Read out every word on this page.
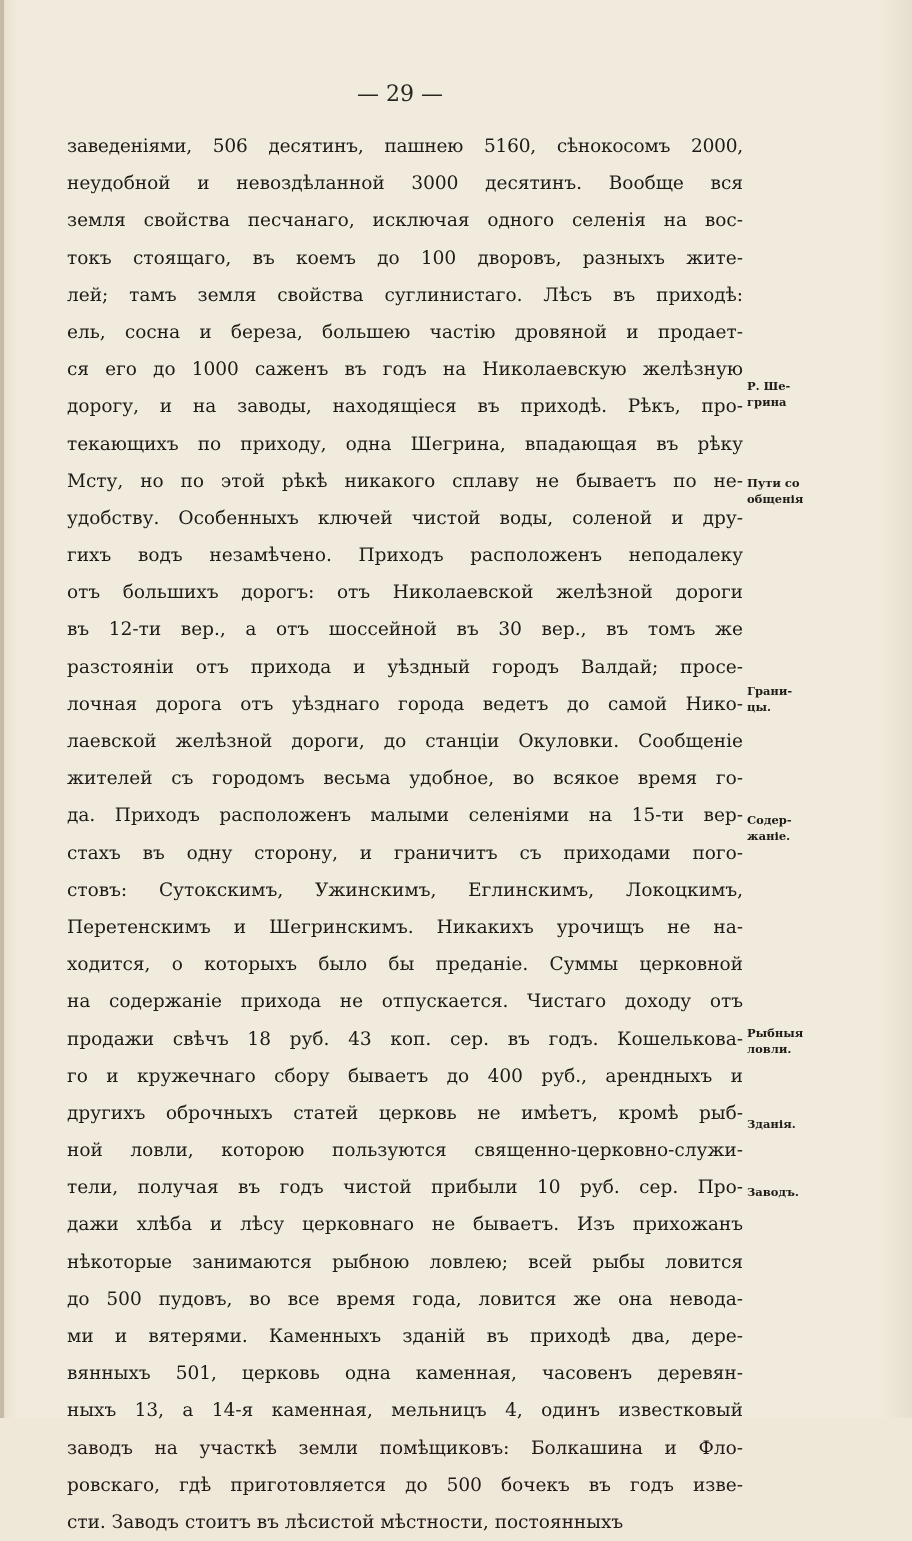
— 29 —
заведеніями, 506 десятинъ, пашнею 5160, сѣнокосомъ 2000,
неудобной и невоздѣланной 3000 десятинъ. Вообще вся
земля свойства песчанаго, исключая одного селенія на вос-
токъ стоящаго, въ коемъ до 100 дворовъ, разныхъ жите-
лей; тамъ земля свойства суглинистаго. Лѣсъ въ приходѣ:
ель, сосна и береза, большею частію дровяной и продает-
ся его до 1000 саженъ въ годъ на Николаевскую желѣзную
дорогу, и на заводы, находящіеся въ приходѣ. Рѣкъ, про-
текающихъ по приходу, одна Шегрина, впадающая въ рѣку
Мсту, но по этой рѣкѣ никакого сплаву не бываетъ по не-
удобству. Особенныхъ ключей чистой воды, соленой и дру-
гихъ водъ незамѣчено. Приходъ расположенъ неподалеку
отъ большихъ дорогъ: отъ Николаевской желѣзной дороги
въ 12-ти вер., а отъ шоссейной въ 30 вер., въ томъ же
разстояніи отъ прихода и уѣздный городъ Валдай; просе-
лочная дорога отъ уѣзднаго города ведетъ до самой Нико-
лаевской желѣзной дороги, до станціи Окуловки. Сообщеніе
жителей съ городомъ весьма удобное, во всякое время го-
да. Приходъ расположенъ малыми селеніями на 15-ти вер-
стахъ въ одну сторону, и граничитъ съ приходами пого-
стовъ: Сутокскимъ, Ужинскимъ, Еглинскимъ, Локоцкимъ,
Перетенскимъ и Шегринскимъ. Никакихъ урочищъ не на-
ходится, о которыхъ было бы преданіе. Суммы церковной
на содержаніе прихода не отпускается. Чистаго доходу отъ
продажи свѣчъ 18 руб. 43 коп. сер. въ годъ. Кошельковa-
го и кружечнаго сбору бываетъ до 400 руб., арендныхъ и
другихъ оброчныхъ статей церковь не имѣетъ, кромѣ рыб-
ной ловли, которою пользуются священно-церковно-служи-
тели, получая въ годъ чистой прибыли 10 руб. сер. Про-
дажи хлѣба и лѣсу церковнаго не бываетъ. Изъ прихожанъ
нѣкоторые занимаются рыбною ловлею; всей рыбы ловится
до 500 пудовъ, во все время года, ловится же она невода-
ми и вятерями. Каменныхъ зданій въ приходѣ два, дере-
вянныхъ 501, церковь одна каменная, часовенъ деревян-
ныхъ 13, а 14-я каменная, мельницъ 4, одинъ известковый
заводъ на участкѣ земли помѣщиковъ: Болкашина и Фло-
ровскаго, гдѣ приготовляется до 500 бочекъ въ годъ изве-
сти. Заводъ стоитъ въ лѣсистой мѣстности, постоянныхъ
Р. Ше-
грина
Пути со
общенія
Грани-
цы.
Содер-
жаніе.
Рыбныя
ловли.
Зданія.
Заводъ.
